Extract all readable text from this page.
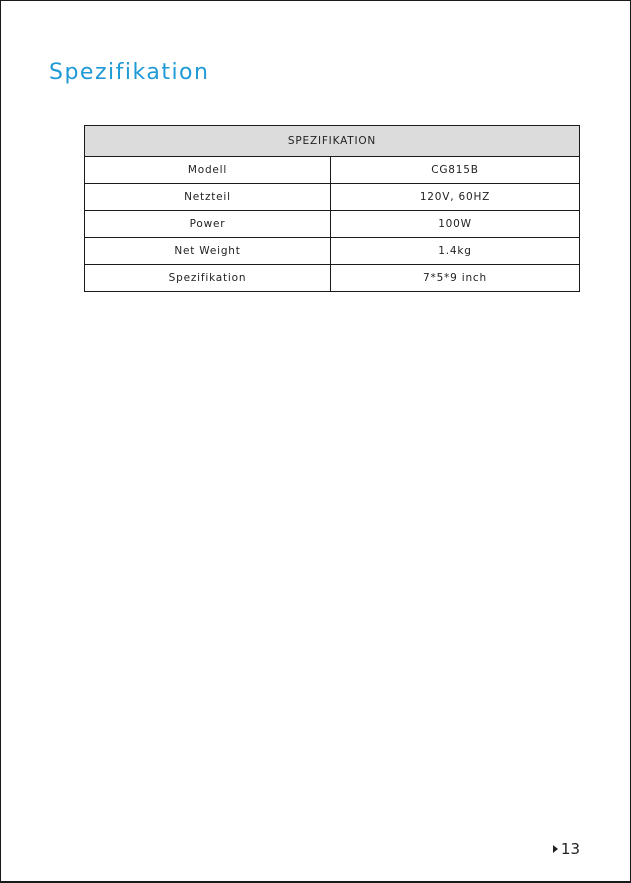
Spezifikation
SPEZIFIKATION	
Modell	CG815B
Netzteil	120V, 60HZ
Power	100W
Net Weight	1.4kg
Spezifikation	7*5*9 inch
13
